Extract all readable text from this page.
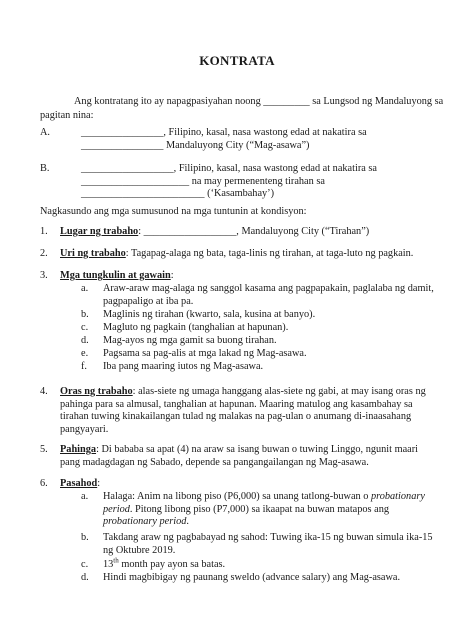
KONTRATA
Ang kontratang ito ay napagpasiyahan noong _________ sa Lungsod ng Mandaluyong sa
pagitan nina:
A.	________________, Filipino, kasal, nasa wastong edad at nakatira sa
________________ Mandaluyong City (“Mag-asawa”)
B.	__________________, Filipino, kasal, nasa wastong edad at nakatira sa
_____________________ na may permenenteng tirahan sa
________________________ (‘Kasambahay’)
Nagkasundo ang mga sumusunod na mga tuntunin at kondisyon:
1. Lugar ng trabaho: __________________, Mandaluyong City (“Tirahan”)
2. Uri ng trabaho: Tagapag-alaga ng bata, taga-linis ng tirahan, at taga-luto ng pagkain.
3. Mga tungkulin at gawain:
a. Araw-araw mag-alaga ng sanggol kasama ang pagpapakain, paglalaba ng damit,
pagpapaligo at iba pa.
b. Maglinis ng tirahan (kwarto, sala, kusina at banyo).
c. Magluto ng pagkain (tanghalian at hapunan).
d. Mag-ayos ng mga gamit sa buong tirahan.
e. Pagsama sa pag-alis at mga lakad ng Mag-asawa.
f. Iba pang maaring iutos ng Mag-asawa.
4. Oras ng trabaho: alas-siete ng umaga hanggang alas-siete ng gabi, at may isang oras ng
pahinga para sa almusal, tanghalian at hapunan. Maaring matulog ang kasambahay sa
tirahan tuwing kinakailangan tulad ng malakas na pag-ulan o anumang di-inaasahang
pangyayari.
5. Pahinga: Di bababa sa apat (4) na araw sa isang buwan o tuwing Linggo, ngunit maari
pang madagdagan ng Sabado, depende sa pangangailangan ng Mag-asawa.
6. Pasahod:
a. Halaga: Anim na libong piso (P6,000) sa unang tatlong-buwan o probationary
period. Pitong libong piso (P7,000) sa ikaapat na buwan matapos ang
probationary period.
b. Takdang araw ng pagbabayad ng sahod: Tuwing ika-15 ng buwan simula ika-15
ng Oktubre 2019.
c. 13th month pay ayon sa batas.
d. Hindi magbibigay ng paunang sweldo (advance salary) ang Mag-asawa.
